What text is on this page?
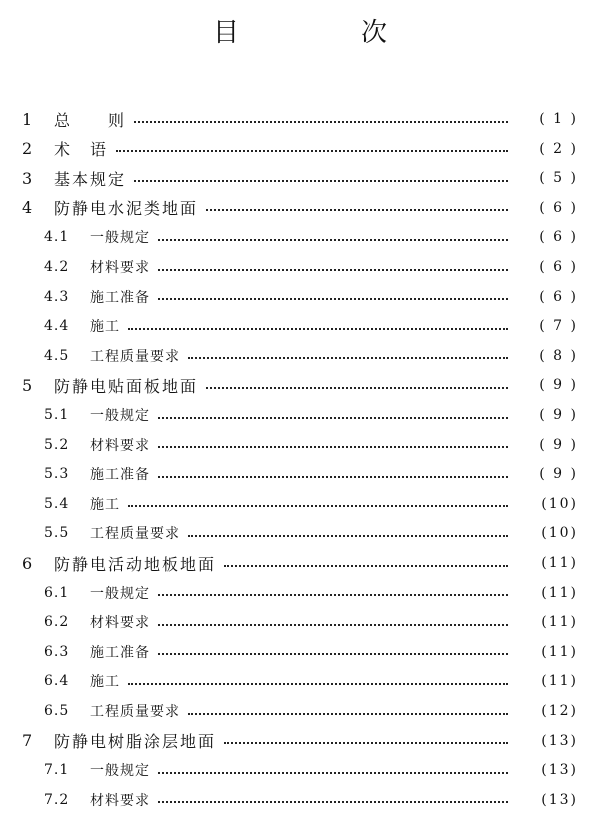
目　次
1	总　　则	( 1 )
2	术　语	( 2 )
3	基本规定	( 5 )
4	防静电水泥类地面	( 6 )
4.1	一般规定	( 6 )
4.2	材料要求	( 6 )
4.3	施工准备	( 6 )
4.4	施工	( 7 )
4.5	工程质量要求	( 8 )
5	防静电贴面板地面	( 9 )
5.1	一般规定	( 9 )
5.2	材料要求	( 9 )
5.3	施工准备	( 9 )
5.4	施工	(10)
5.5	工程质量要求	(10)
6	防静电活动地板地面	(11)
6.1	一般规定	(11)
6.2	材料要求	(11)
6.3	施工准备	(11)
6.4	施工	(11)
6.5	工程质量要求	(12)
7	防静电树脂涂层地面	(13)
7.1	一般规定	(13)
7.2	材料要求	(13)
